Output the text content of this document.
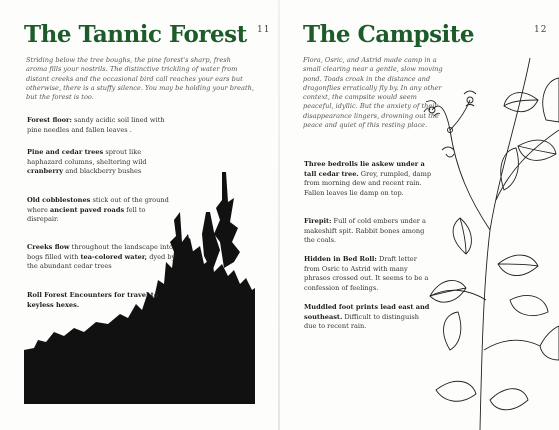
The Tannic Forest 11

Striding below the tree boughs, the pine forest's sharp, fresh aroma fills your nostrils. The distinctive trickling of water from distant creeks and the occasional bird call reaches your ears but otherwise, there is a stuffy silence. You may be holding your breath, but the forest is too.

Forest floor: sandy acidic soil lined with pine needles and fallen leaves .

Pine and cedar trees sprout like haphazard columns, sheltering wild cranberry and blackberry bushes

Old cobblestones stick out of the ground where ancient paved roads fell to disrepair.

Creeks flow throughout the landscape into bogs filled with tea-colored water, dyed by the abundant cedar trees

Roll Forest Encounters for travel to keyless hexes.

The Campsite	12

Flora, Osric, and Astrid made camp in a small clearing near a gentle, slow moving pond. Toads croak in the distance and dragonflies erratically fly by. In any other context, the campsite would seem peaceful, idyllic. But the anxiety of their disappearance lingers, drowning out the peace and quiet of this resting place.

Three bedrolls lie askew under a tall cedar tree. Grey, rumpled, damp from morning dew and recent rain. Fallen leaves lie damp on top.

Firepit: Full of cold embers under a makeshift spit. Rabbit bones among the coals.

Hidden in Bed Roll: Draft letter from Osric to Astrid with many phrases crossed out. It seems to be a confession of feelings.

Muddled foot prints lead east and southeast. Difficult to distinguish due to recent rain.
